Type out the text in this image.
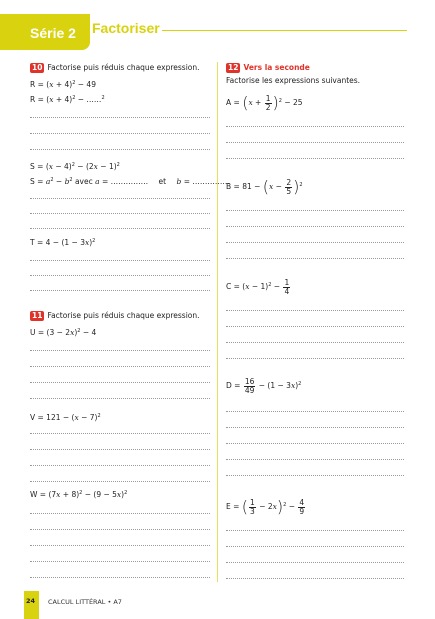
Série 2 Factoriser
10 Factorise puis réduis chaque expression.
$R = (x + 4)^2 - 49$
$R = (x + 4)^2$ − ……$^2$
$S = (x - 4)^2 - (2x - 1)^2$
$S = a^2 - b^2$ avec a = …………… et b = ……………
$T = 4 - (1 - 3x)^2$
11 Factorise puis réduis chaque expression.
$U = (3 - 2x)^2 - 4$
$V = 121 - (x - 7)^2$
$W = (7x + 8)^2 - (9 - 5x)^2$
12 Vers la seconde
Factorise les expressions suivantes.
$A = (x + \frac{1}{2} )^2 - 25$
$B = 81 - (x - \frac{2}{5} )^2$
$C = (x - 1)^2 - \frac{1}{4}$
$D = \frac{16}{49} - (1 - 3x)^2$
E = ( $\frac{1}{3} - 2x)^2 - \frac{4}{9}$
24 CALCUL LITTÉRAL • A7
